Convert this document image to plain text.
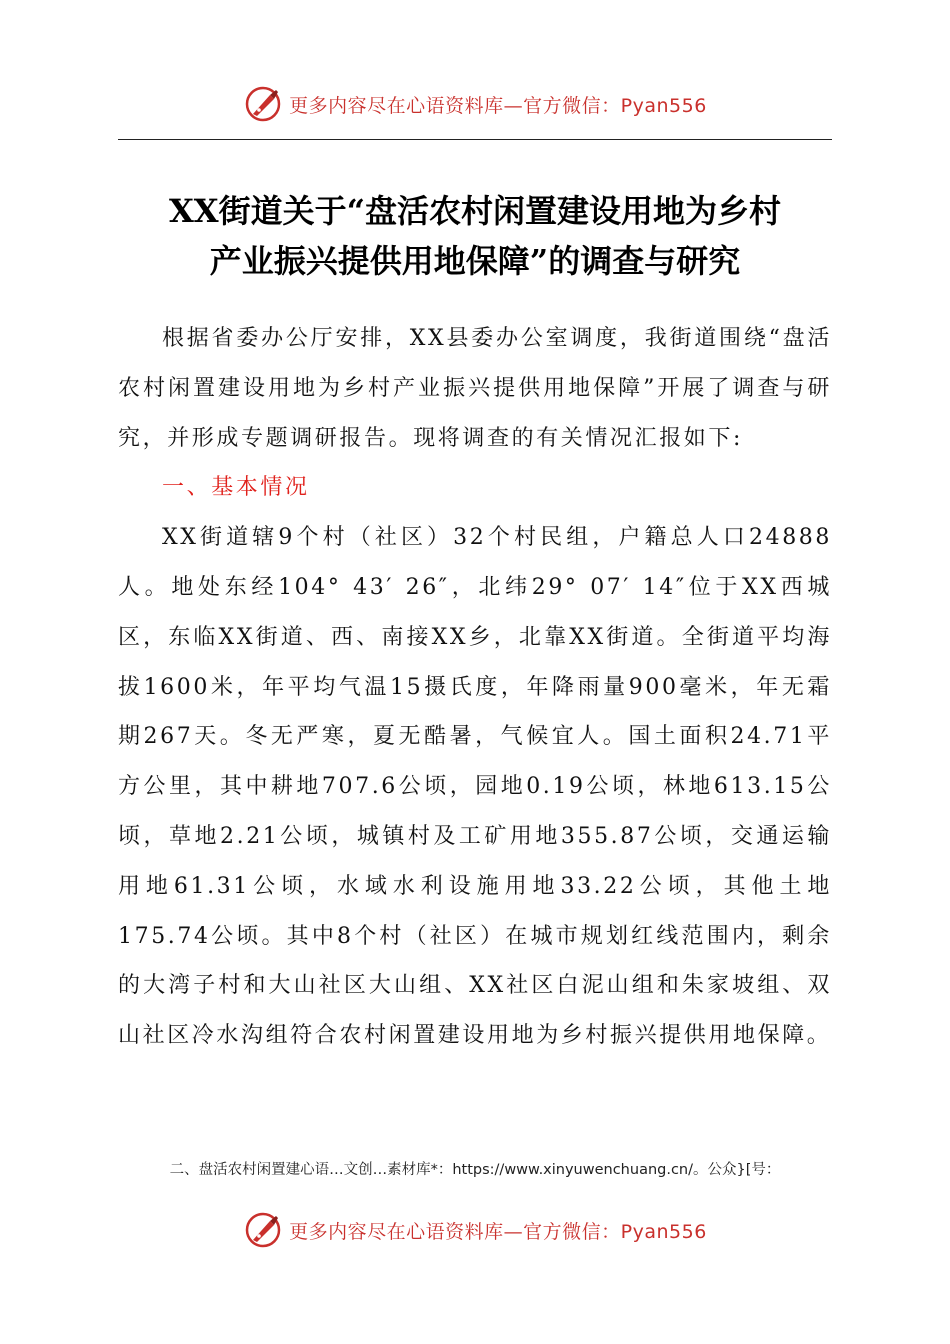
更多内容尽在心语资料库—官方微信：Pyan556
XX街道关于“盘活农村闲置建设用地为乡村
产业振兴提供用地保障”的调查与研究

根据省委办公厅安排，XX县委办公室调度，我街道围绕“盘活农村闲置建设用地为乡村产业振兴提供用地保障”开展了调查与研究，并形成专题调研报告。现将调查的有关情况汇报如下:

一、基本情况

XX街道辖9个村（社区）32个村民组，户籍总人口24888人。地处东经104° 43′ 26″，北纬29° 07′ 14″位于XX西城区，东临XX街道、西、南接XX乡，北靠XX街道。全街道平均海拔1600米，年平均气温15摄氏度，年降雨量900毫米，年无霜期267天。冬无严寒，夏无酷暑，气候宜人。国土面积24.71平方公里，其中耕地707.6公顷，园地0.19公顷，林地613.15公顷，草地2.21公顷，城镇村及工矿用地355.87公顷，交通运输用地61.31公顷，水域水利设施用地33.22公顷，其他土地175.74公顷。其中8个村（社区）在城市规划红线范围内，剩余的大湾子村和大山社区大山组、XX社区白泥山组和朱家坡组、双山社区冷水沟组符合农村闲置建设用地为乡村振兴提供用地保障。

二、盘活农村闲置建心语…文创…素材库*：https://www.xinyuwenchuang.cn/。公众}[号：
更多内容尽在心语资料库—官方微信：Pyan556
